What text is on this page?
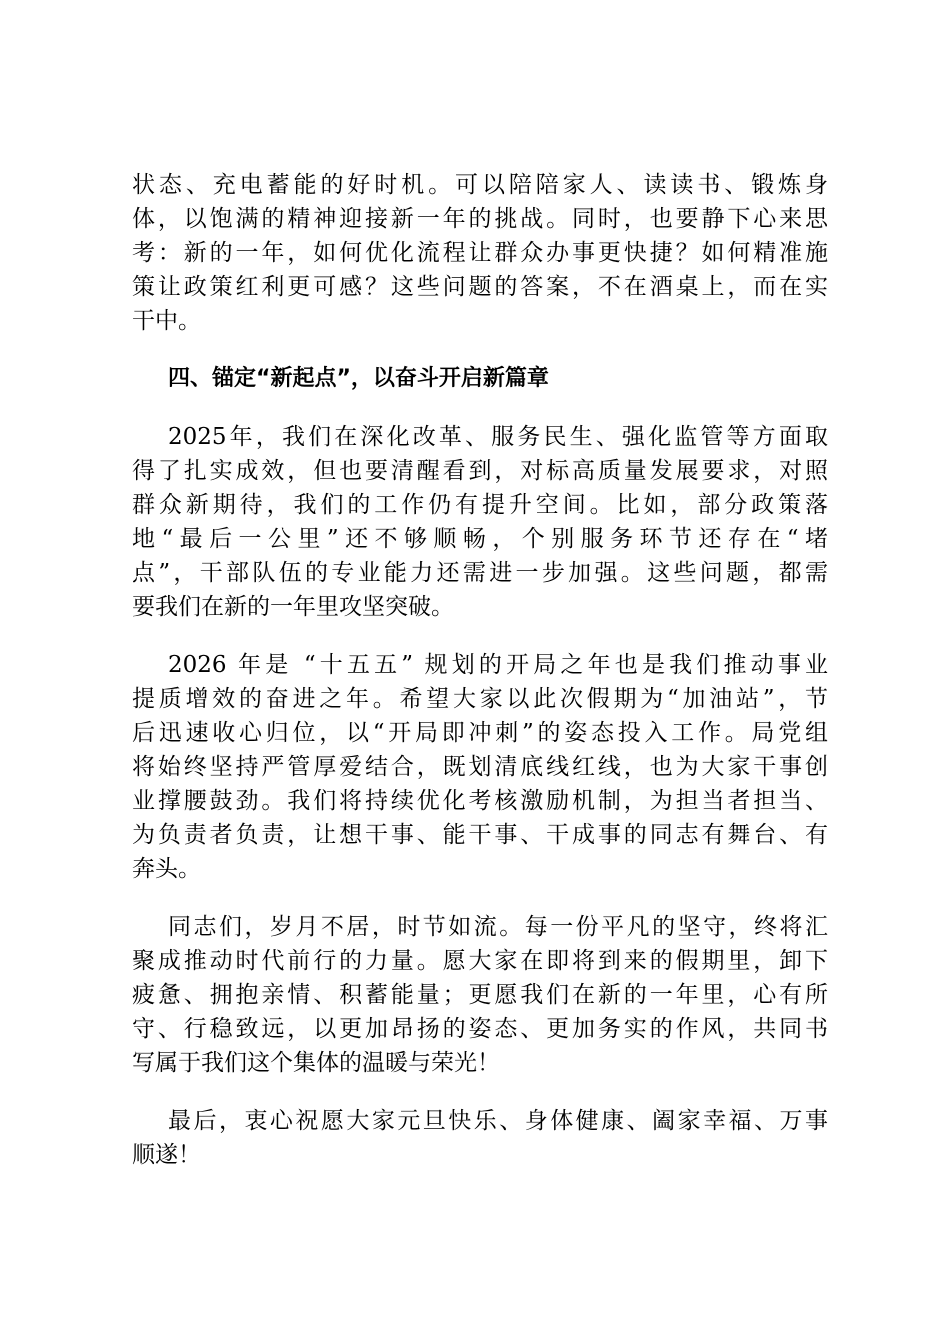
状态、充电蓄能的好时机。可以陪陪家人、读读书、锻炼身
体，以饱满的精神迎接新一年的挑战。同时，也要静下心来思
考：新的一年，如何优化流程让群众办事更快捷？如何精准施
策让政策红利更可感？这些问题的答案，不在酒桌上，而在实
干中。
四、锚定“新起点”，以奋斗开启新篇章
2025年，我们在深化改革、服务民生、强化监管等方面取
得了扎实成效，但也要清醒看到，对标高质量发展要求，对照
群众新期待，我们的工作仍有提升空间。比如，部分政策落
地“最后一公里”还不够顺畅，个别服务环节还存在“堵
点”，干部队伍的专业能力还需进一步加强。这些问题，都需
要我们在新的一年里攻坚突破。
2026 年是 “十五五” 规划的开局之年也是我们推动事业
提质增效的奋进之年。希望大家以此次假期为“加油站”，节
后迅速收心归位，以“开局即冲刺”的姿态投入工作。局党组
将始终坚持严管厚爱结合，既划清底线红线，也为大家干事创
业撑腰鼓劲。我们将持续优化考核激励机制，为担当者担当、
为负责者负责，让想干事、能干事、干成事的同志有舞台、有
奔头。
同志们，岁月不居，时节如流。每一份平凡的坚守，终将汇
聚成推动时代前行的力量。愿大家在即将到来的假期里，卸下
疲惫、拥抱亲情、积蓄能量；更愿我们在新的一年里，心有所
守、行稳致远，以更加昂扬的姿态、更加务实的作风，共同书
写属于我们这个集体的温暖与荣光！
最后，衷心祝愿大家元旦快乐、身体健康、阖家幸福、万事
顺遂！
